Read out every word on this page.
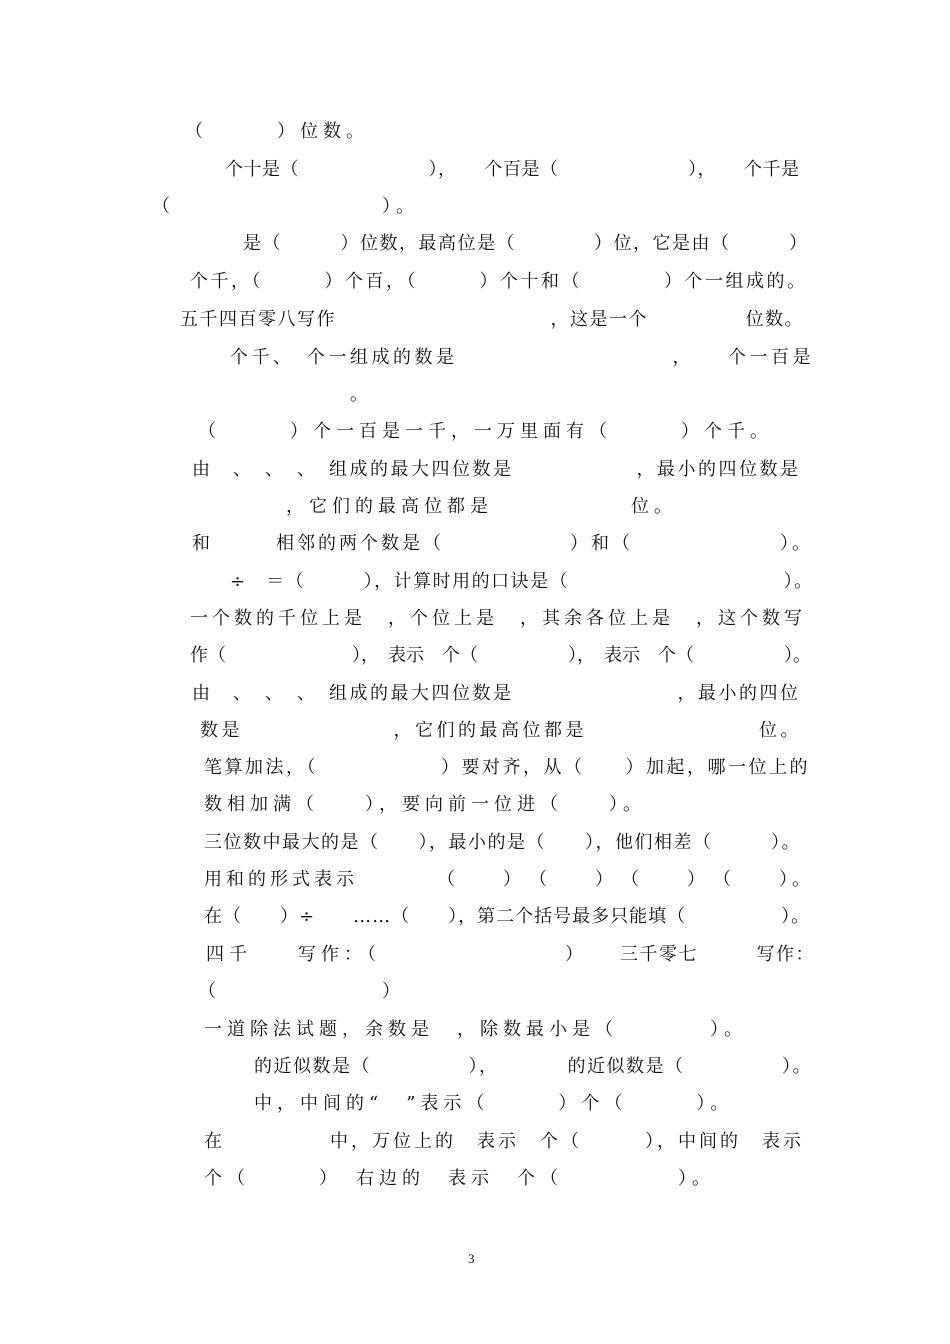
（　　　）位数。
个十是（　　　　　　　），　　个百是（　　　　　　　），　　个千是
（　　　　　　　　　）。
是（　　　）位数，最高位是（　　　　）位，它是由（　　　）
个千，（　　　）个百，（　　　）个十和（　　　　）个一组成的。
五千四百零八写作　　　　　　　　　　　，这是一个　　　　　位数。
个千、　个一组成的数是　　　　　　　　　　，　　个一百是
。
（　　　）个一百是一千，一万里面有（　　　）个千。
由　、　、　、　组成的最大四位数是　　　　　　，最小的四位数是
，它们的最高位都是　　　　　　位。
和　　　相邻的两个数是（　　　　　　）和（　　　　　　　）。
÷　＝（　　　），计算时用的口诀是（　　　　　　　　　　　）。
一个数的千位上是　，个位上是　，其余各位上是　，这个数写
作（　　　　　　　），　表示　个（　　　　　），　表示　个（　　　　　）。
由　、　、　、　组成的最大四位数是　　　　　　　　，最小的四位
数是　　　　　　　，它们的最高位都是　　　　　　　　位。
笔算加法，（　　　　　　）要对齐，从（　　）加起，哪一位上的
数相加满（　　），要向前一位进（　　）。
三位数中最大的是（　　），最小的是（　　），他们相差（　　　）。
用和的形式表示　　　　（　　）　（　　）　（　　）　（　　）。
在（　　）÷　　……（　　），第二个括号最多只能填（　　　　　）。
四千　　写作：（　　　　　　　　） 三千零七　　　写作：
（　　　　　　　）
一道除法试题，余数是　，除数最小是（　　　　）。
的近似数是（　　　　　），　　　　的近似数是（　　　　　）。
中，中间的“　”表示（　　　）个（　　　）。
在　　　　　中，万位上的　表示　个（　　　），中间的　表示
个（　　　）　右边的　表示　个（　　　　　）。
3
